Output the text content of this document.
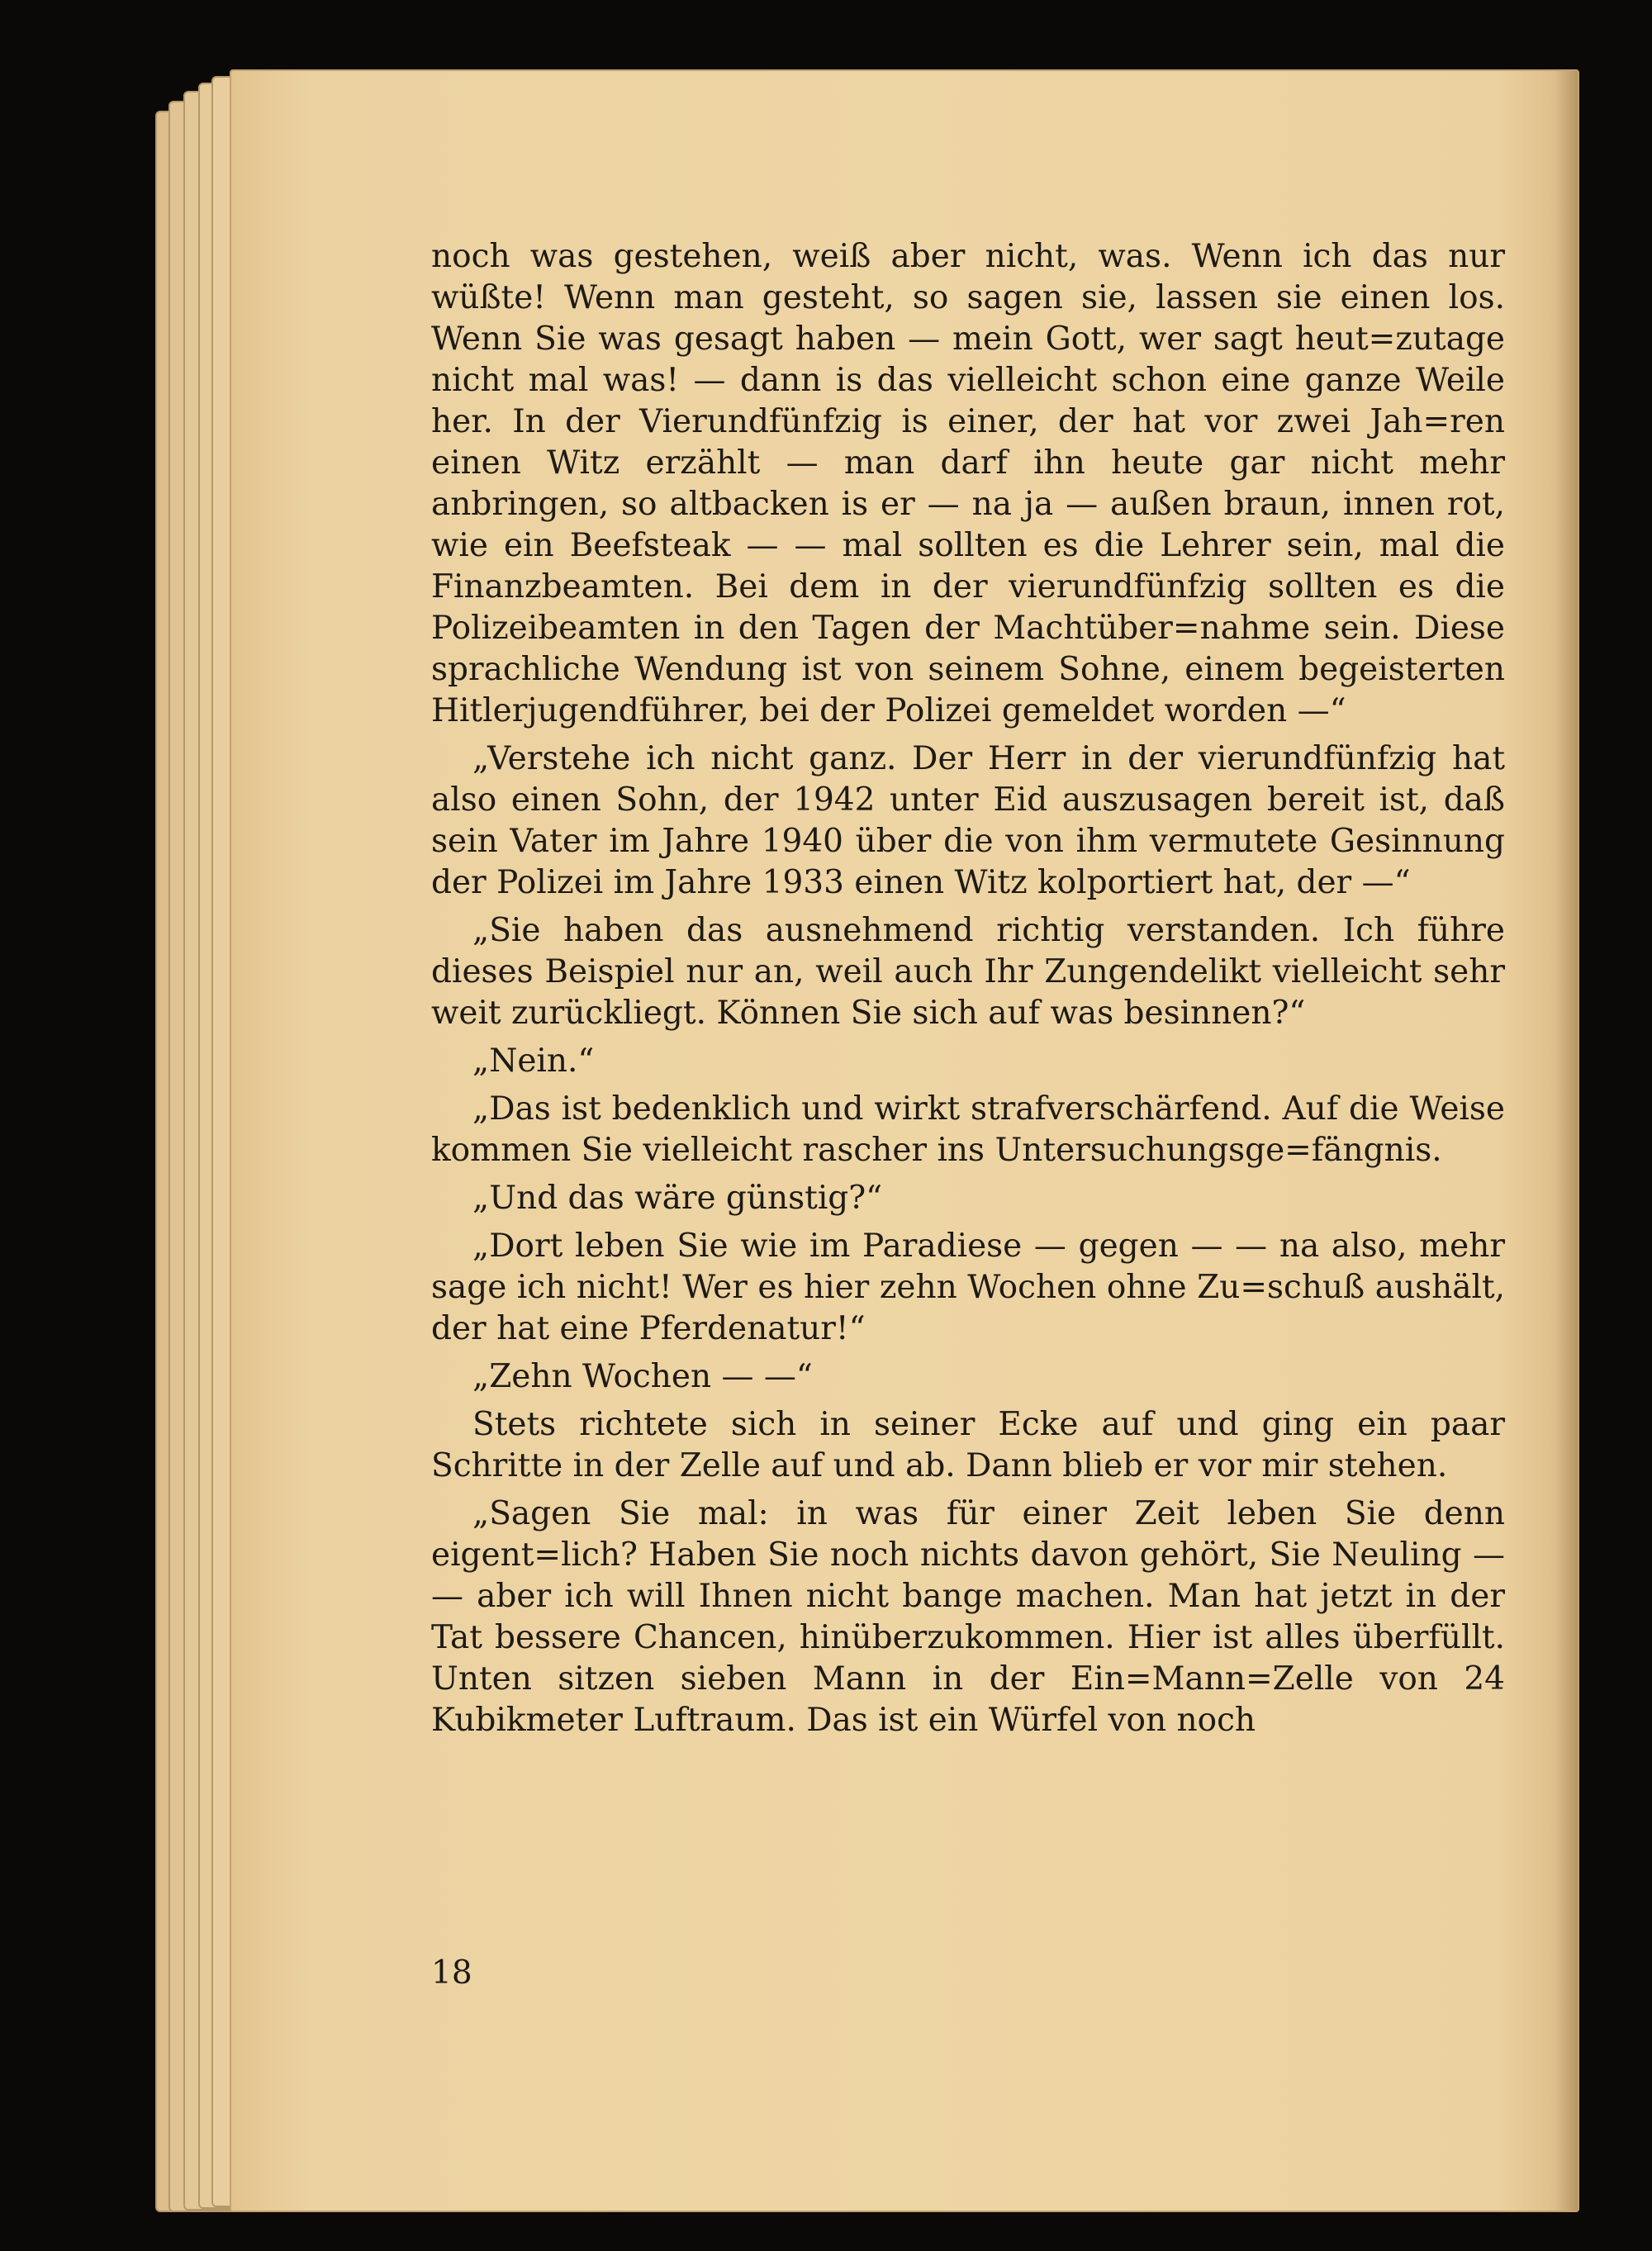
noch was gestehen, weiß aber nicht, was. Wenn ich das nur wüßte! Wenn man gesteht, so sagen sie, lassen sie einen los. Wenn Sie was gesagt haben — mein Gott, wer sagt heut=zutage nicht mal was! — dann is das vielleicht schon eine ganze Weile her. In der Vierundfünfzig is einer, der hat vor zwei Jah=ren einen Witz erzählt — man darf ihn heute gar nicht mehr anbringen, so altbacken is er — na ja — außen braun, innen rot, wie ein Beefsteak — — mal sollten es die Lehrer sein, mal die Finanzbeamten. Bei dem in der vierundfünfzig sollten es die Polizeibeamten in den Tagen der Machtüber=nahme sein. Diese sprachliche Wendung ist von seinem Sohne, einem begeisterten Hitlerjugendführer, bei der Polizei gemeldet worden —“

„Verstehe ich nicht ganz. Der Herr in der vierundfünfzig hat also einen Sohn, der 1942 unter Eid auszusagen bereit ist, daß sein Vater im Jahre 1940 über die von ihm vermutete Gesinnung der Polizei im Jahre 1933 einen Witz kolportiert hat, der —“

„Sie haben das ausnehmend richtig verstanden. Ich führe dieses Beispiel nur an, weil auch Ihr Zungendelikt vielleicht sehr weit zurückliegt. Können Sie sich auf was besinnen?“

„Nein.“

„Das ist bedenklich und wirkt strafverschärfend. Auf die Weise kommen Sie vielleicht rascher ins Untersuchungsge=fängnis.

„Und das wäre günstig?“

„Dort leben Sie wie im Paradiese — gegen — — na also, mehr sage ich nicht! Wer es hier zehn Wochen ohne Zu=schuß aushält, der hat eine Pferdenatur!“

„Zehn Wochen — —“

Stets richtete sich in seiner Ecke auf und ging ein paar Schritte in der Zelle auf und ab. Dann blieb er vor mir stehen.

„Sagen Sie mal: in was für einer Zeit leben Sie denn eigent=lich? Haben Sie noch nichts davon gehört, Sie Neuling — — aber ich will Ihnen nicht bange machen. Man hat jetzt in der Tat bessere Chancen, hinüberzukommen. Hier ist alles überfüllt. Unten sitzen sieben Mann in der Ein=Mann=Zelle von 24 Kubikmeter Luftraum. Das ist ein Würfel von noch

18
